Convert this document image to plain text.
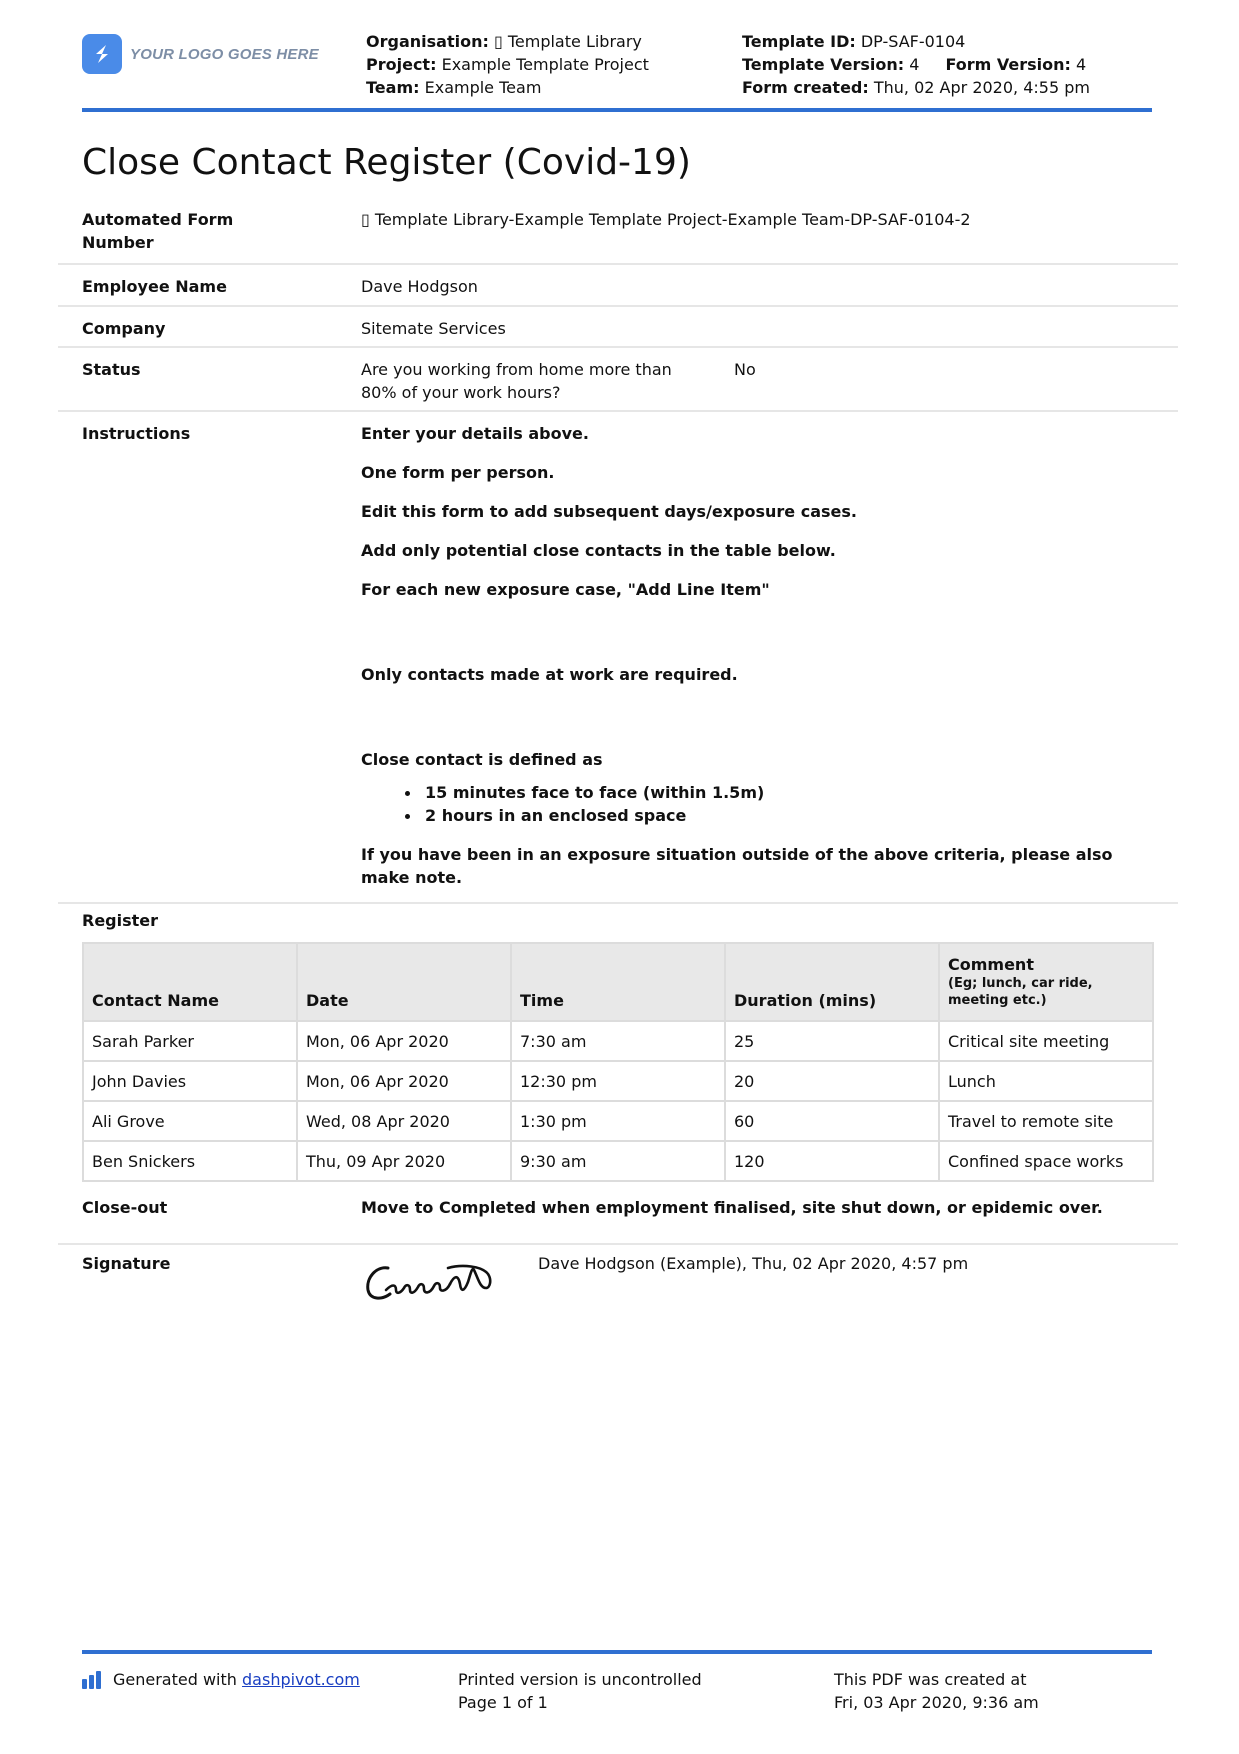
YOUR LOGO GOES HERE
Organisation: ▯ Template Library
Project: Example Template Project
Team: Example Team
Template ID: DP-SAF-0104
Template Version: 4 Form Version: 4
Form created: Thu, 02 Apr 2020, 4:55 pm
Close Contact Register (Covid-19)
Automated Form Number
▯ Template Library-Example Template Project-Example Team-DP-SAF-0104-2
Employee Name	Dave Hodgson
Company	Sitemate Services
Status	Are you working from home more than 80% of your work hours?
No
Instructions	Enter your details above.

One form per person.

Edit this form to add subsequent days/exposure cases.

Add only potential close contacts in the table below.

For each new exposure case, "Add Line Item"

Only contacts made at work are required.

Close contact is defined as

15 minutes face to face (within 1.5m)
2 hours in an enclosed space

If you have been in an exposure situation outside of the above criteria, please also make note.

Register
Contact Name	Date	Time	Duration (mins)	Comment
(Eg; lunch, car ride, meeting etc.)

Sarah Parker	Mon, 06 Apr 2020	7:30 am	25	Critical site meeting
John Davies	Mon, 06 Apr 2020	12:30 pm	20	Lunch
Ali Grove	Wed, 08 Apr 2020	1:30 pm	60	Travel to remote site
Ben Snickers	Thu, 09 Apr 2020	9:30 am	120	Confined space works
Close-out	Move to Completed when employment finalised, site shut down, or epidemic over.
Signature	Dave Hodgson (Example), Thu, 02 Apr 2020, 4:57 pm
Generated with dashpivot.com	Printed version is uncontrolled
Page 1 of 1
This PDF was created at
Fri, 03 Apr 2020, 9:36 am
